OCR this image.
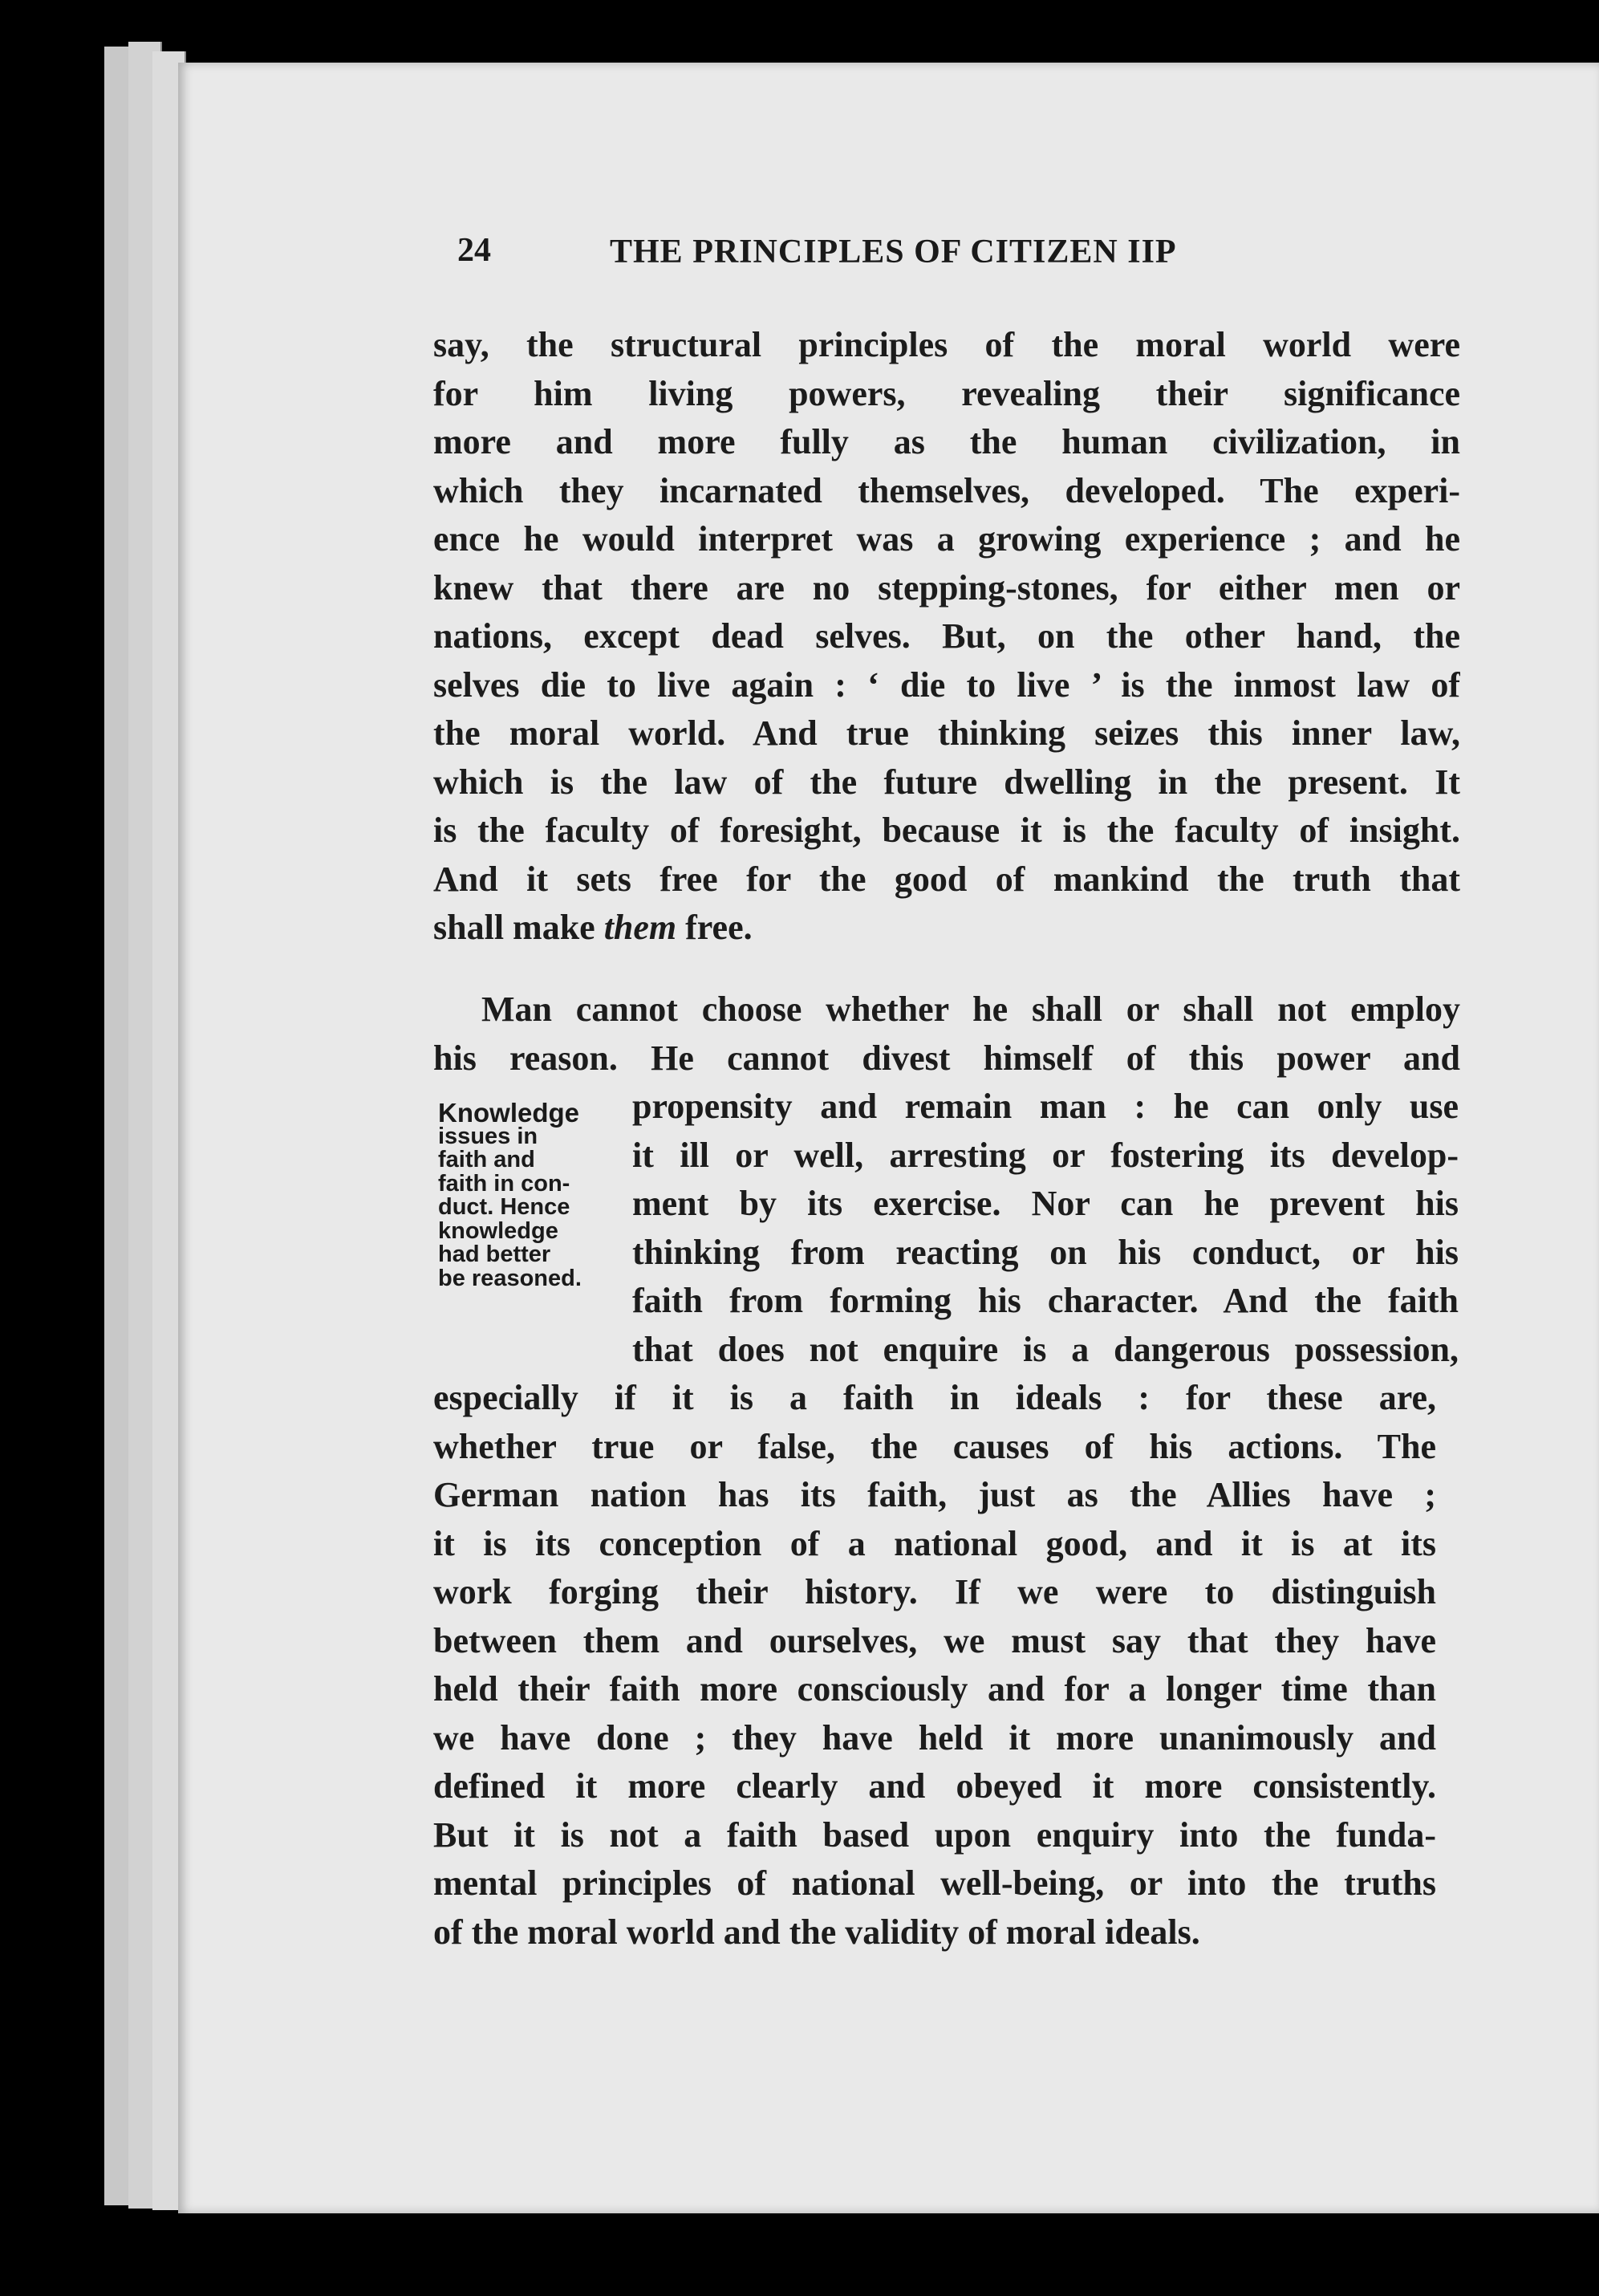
24	THE PRINCIPLES OF CITIZEN IIP
say, the structural principles of the moral world were
for him living powers, revealing their significance
more and more fully as the human civilization, in
which they incarnated themselves, developed. The experi-
ence he would interpret was a growing experience ; and he
knew that there are no stepping-stones, for either men or
nations, except dead selves. But, on the other hand, the
selves die to live again : ‘ die to live ’ is the inmost law of
the moral world. And true thinking seizes this inner law,
which is the law of the future dwelling in the present. It
is the faculty of foresight, because it is the faculty of insight.
And it sets free for the good of mankind the truth that
shall make them free.
Man cannot choose whether he shall or shall not employ
his reason. He cannot divest himself of this power and
Knowledge
issues in
faith and
faith in con-
duct. Hence
knowledge
had better
be reasoned.
propensity and remain man : he can only use
it ill or well, arresting or fostering its develop-
ment by its exercise. Nor can he prevent his
thinking from reacting on his conduct, or his
faith from forming his character. And the faith
that does not enquire is a dangerous possession,
especially if it is a faith in ideals : for these are,
whether true or false, the causes of his actions. The
German nation has its faith, just as the Allies have ;
it is its conception of a national good, and it is at its
work forging their history. If we were to distinguish
between them and ourselves, we must say that they have
held their faith more consciously and for a longer time than
we have done ; they have held it more unanimously and
defined it more clearly and obeyed it more consistently.
But it is not a faith based upon enquiry into the funda-
mental principles of national well-being, or into the truths
of the moral world and the validity of moral ideals.
